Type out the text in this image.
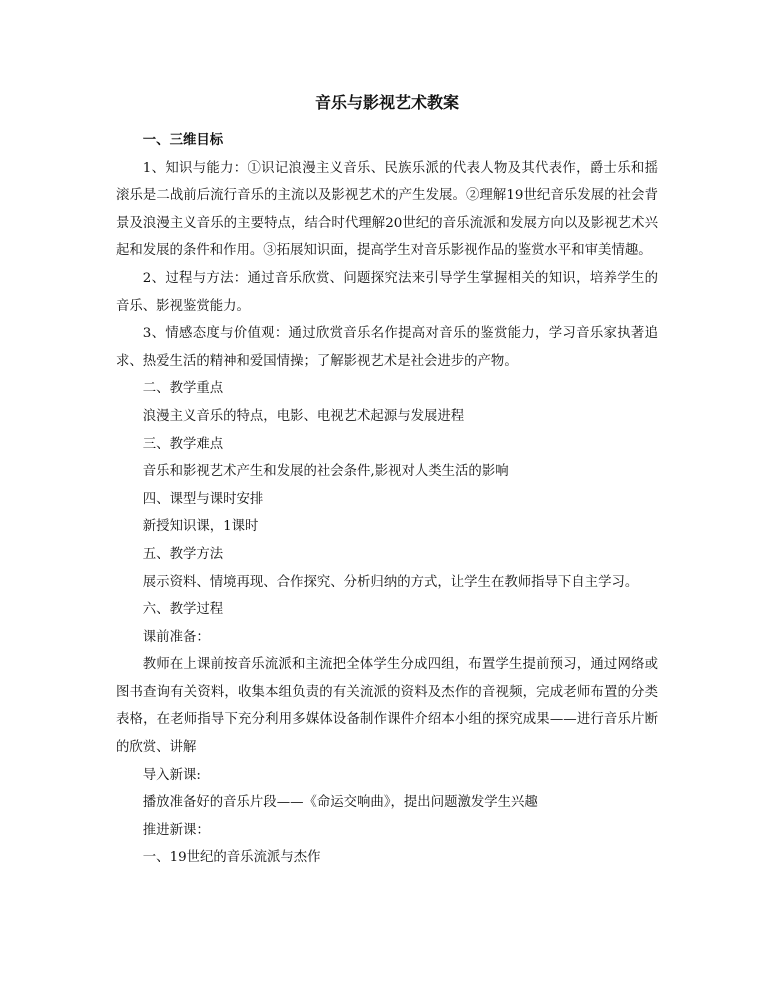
音乐与影视艺术教案

一、三维目标

1、知识与能力：①识记浪漫主义音乐、民族乐派的代表人物及其代表作，爵士乐和摇滚乐是二战前后流行音乐的主流以及影视艺术的产生发展。②理解19世纪音乐发展的社会背景及浪漫主义音乐的主要特点，结合时代理解20世纪的音乐流派和发展方向以及影视艺术兴起和发展的条件和作用。③拓展知识面，提高学生对音乐影视作品的鉴赏水平和审美情趣。

2、过程与方法：通过音乐欣赏、问题探究法来引导学生掌握相关的知识，培养学生的音乐、影视鉴赏能力。

3、情感态度与价值观：通过欣赏音乐名作提高对音乐的鉴赏能力，学习音乐家执著追求、热爱生活的精神和爱国情操；了解影视艺术是社会进步的产物。

二、教学重点

浪漫主义音乐的特点，电影、电视艺术起源与发展进程

三、教学难点

音乐和影视艺术产生和发展的社会条件,影视对人类生活的影响

四、课型与课时安排

新授知识课，1课时

五、教学方法

展示资料、情境再现、合作探究、分析归纳的方式，让学生在教师指导下自主学习。

六、教学过程

课前准备：

教师在上课前按音乐流派和主流把全体学生分成四组，布置学生提前预习，通过网络或图书查询有关资料，收集本组负责的有关流派的资料及杰作的音视频，完成老师布置的分类表格，在老师指导下充分利用多媒体设备制作课件介绍本小组的探究成果——进行音乐片断的欣赏、讲解

导入新课:

播放准备好的音乐片段——《命运交响曲》，提出问题激发学生兴趣

推进新课：

一、19世纪的音乐流派与杰作
